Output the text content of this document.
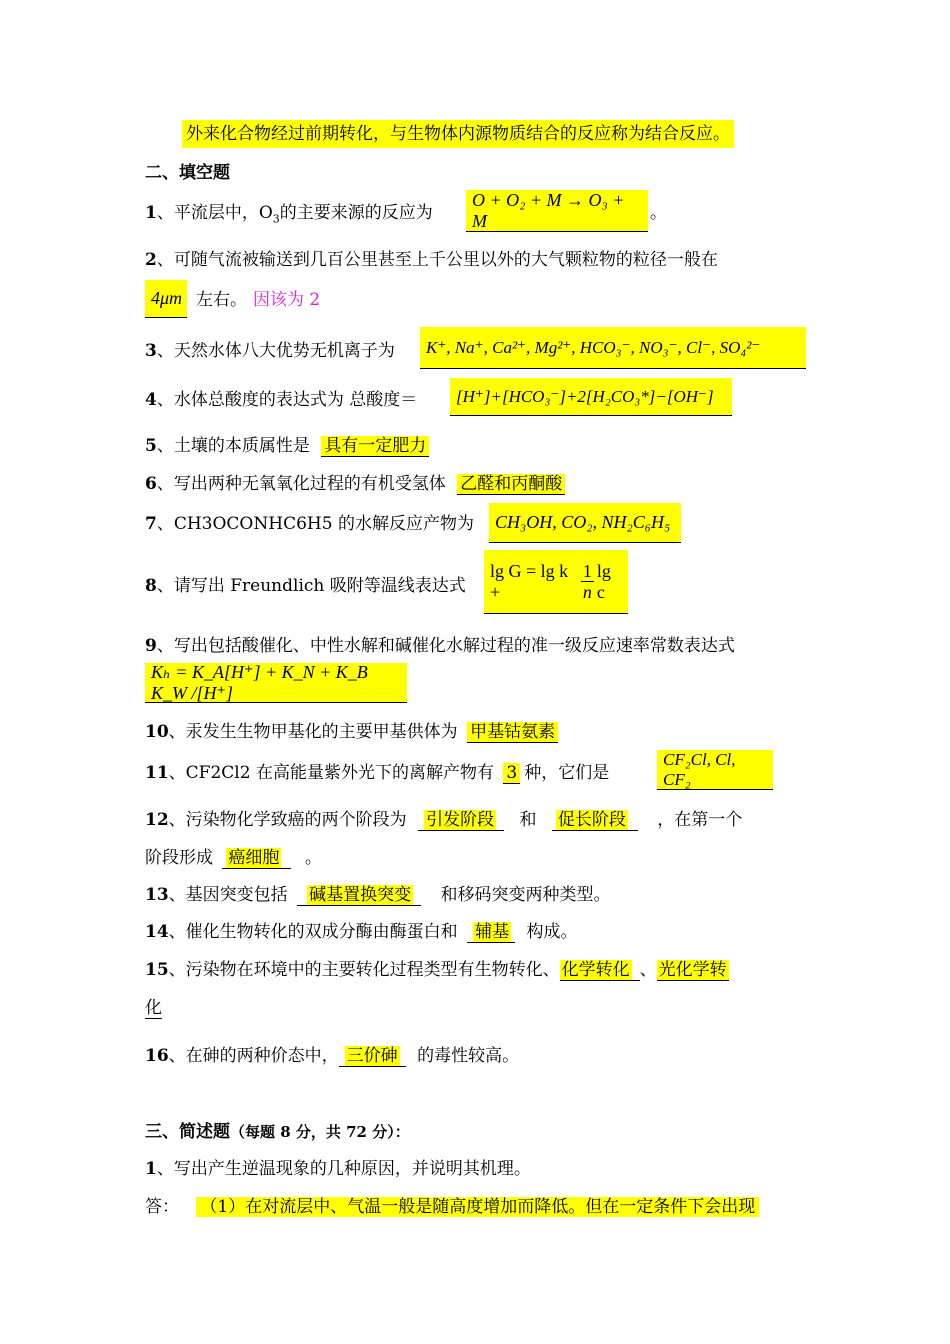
外来化合物经过前期转化，与生物体内源物质结合的反应称为结合反应。
二、填空题
1、平流层中，$O_3$的主要来源的反应为
O + O₂ + M → O₃ + M	。
2、可随气流被输送到几百公里甚至上千公里以外的大气颗粒物的粒径一般在
4μm 左右。 因该为 2
3、天然水体八大优势无机离子为 K⁺, Na⁺, Ca²⁺, Mg²⁺, HCO₃⁻, NO₃⁻, Cl⁻, SO₄²⁻
4、水体总酸度的表达式为 总酸度＝ [H⁺]+[HCO₃⁻]+2[H₂CO₃*]−[OH⁻]
5、土壤的本质属性是 具有一定肥力
6、写出两种无氧氧化过程的有机受氢体 乙醛和丙酮酸
7、CH3OCONHC6H5 的水解反应产物为 CH₃OH, CO₂, NH₂C₆H₅
8、请写出 Freundlich 吸附等温线表达式
lg G = lg k +	$\frac{1}{n}$ lg c
9、写出包括酸催化、中性水解和碱催化水解过程的准一级反应速率常数表达式
Kₕ = K_A[H⁺] + K_N + K_B K_W /[H⁺]
10、汞发生生物甲基化的主要甲基供体为 甲基钴氨素
11、CF2Cl2 在高能量紫外光下的离解产物有 3 种，它们是
CF₂Cl, Cl, CF₂
12、污染物化学致癌的两个阶段为 引发阶段 和 促长阶段 ，在第一个
阶段形成 癌细胞 。
13、基因突变包括 碱基置换突变 和移码突变两种类型。
14、催化生物转化的双成分酶由酶蛋白和 辅基 构成。
15、污染物在环境中的主要转化过程类型有生物转化、 化学转化 、 光化学转
化
16、在砷的两种价态中， 三价砷 的毒性较高。
三、简述题（每题 8 分，共 72 分）：
1、写出产生逆温现象的几种原因，并说明其机理。
答： （1）在对流层中、气温一般是随高度增加而降低。但在一定条件下会出现
